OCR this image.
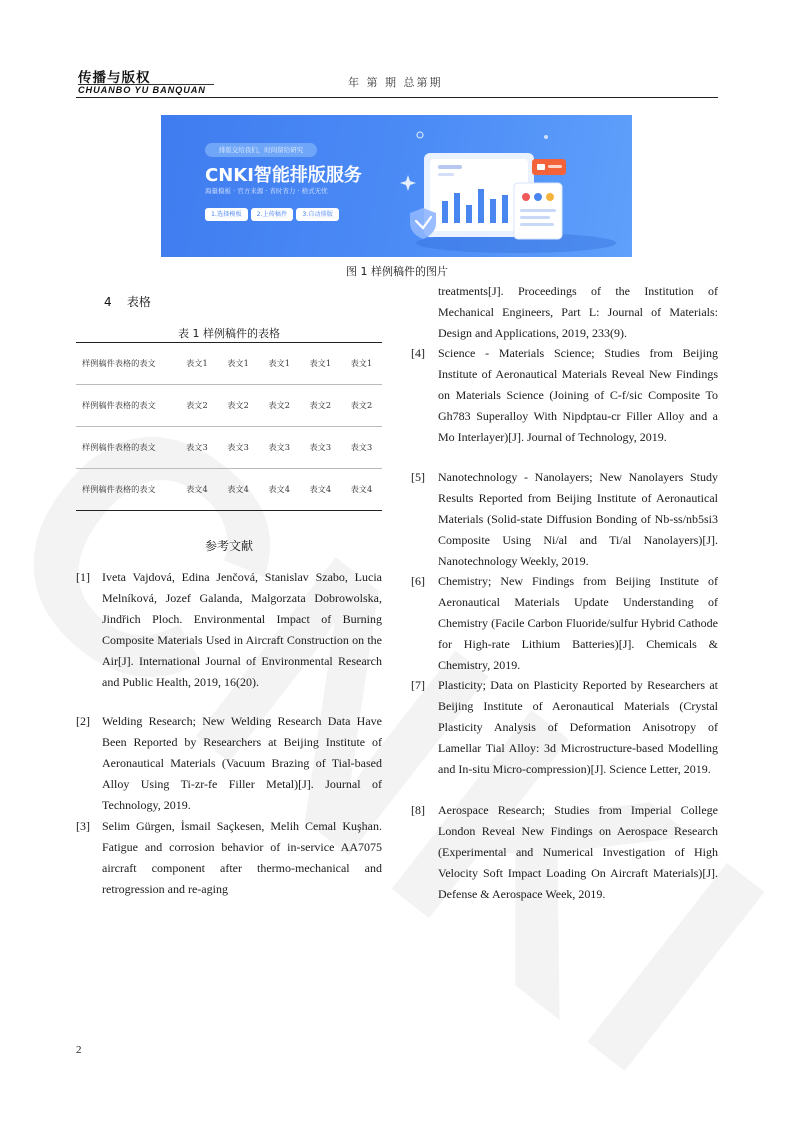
传播与版权
CHUANBO YU BANQUAN
年 第 期 总第期
排版交给我们，时间留给研究
CNKI智能排版服务
海量模板 · 官方来源 · 省时省力 · 格式无忧
1.选择模板	2.上传稿件	3.自动排版
图 1 样例稿件的图片
4 表格
表 1 样例稿件的表格
样例稿件表格的表文	表文1	表文1	表文1	表文1	表文1
样例稿件表格的表文	表文2	表文2	表文2	表文2	表文2
样例稿件表格的表文	表文3	表文3	表文3	表文3	表文3
样例稿件表格的表文	表文4	表文4	表文4	表文4	表文4
参考文献
[1] Iveta Vajdová, Edina Jenčová, Stanislav Szabo, Lucia Melníková, Jozef Galanda, Malgorzata Dobrowolska, Jindřich Ploch. Environmental Impact of Burning Composite Materials Used in Aircraft Construction on the Air[J]. International Journal of Environmental Research and Public Health, 2019, 16(20).
[2] Welding Research; New Welding Research Data Have Been Reported by Researchers at Beijing Institute of Aeronautical Materials (Vacuum Brazing of Tial-based Alloy Using Ti-zr-fe Filler Metal)[J]. Journal of Technology, 2019.
[3] Selim Gürgen, İsmail Saçkesen, Melih Cemal Kuşhan. Fatigue and corrosion behavior of in-service AA7075 aircraft component after thermo-mechanical and retrogression and re-aging
treatments[J]. Proceedings of the Institution of Mechanical Engineers, Part L: Journal of Materials: Design and Applications, 2019, 233(9).
[4] Science - Materials Science; Studies from Beijing Institute of Aeronautical Materials Reveal New Findings on Materials Science (Joining of C-f/sic Composite To Gh783 Superalloy With Nipdptau-cr Filler Alloy and a Mo Interlayer)[J]. Journal of Technology, 2019.
[5] Nanotechnology - Nanolayers; New Nanolayers Study Results Reported from Beijing Institute of Aeronautical Materials (Solid-state Diffusion Bonding of Nb-ss/nb5si3 Composite Using Ni/al and Ti/al Nanolayers)[J]. Nanotechnology Weekly, 2019.
[6] Chemistry; New Findings from Beijing Institute of Aeronautical Materials Update Understanding of Chemistry (Facile Carbon Fluoride/sulfur Hybrid Cathode for High-rate Lithium Batteries)[J]. Chemicals & Chemistry, 2019.
[7] Plasticity; Data on Plasticity Reported by Researchers at Beijing Institute of Aeronautical Materials (Crystal Plasticity Analysis of Deformation Anisotropy of Lamellar Tial Alloy: 3d Microstructure-based Modelling and In-situ Micro-compression)[J]. Science Letter, 2019.
[8] Aerospace Research; Studies from Imperial College London Reveal New Findings on Aerospace Research (Experimental and Numerical Investigation of High Velocity Soft Impact Loading On Aircraft Materials)[J]. Defense & Aerospace Week, 2019.
2
